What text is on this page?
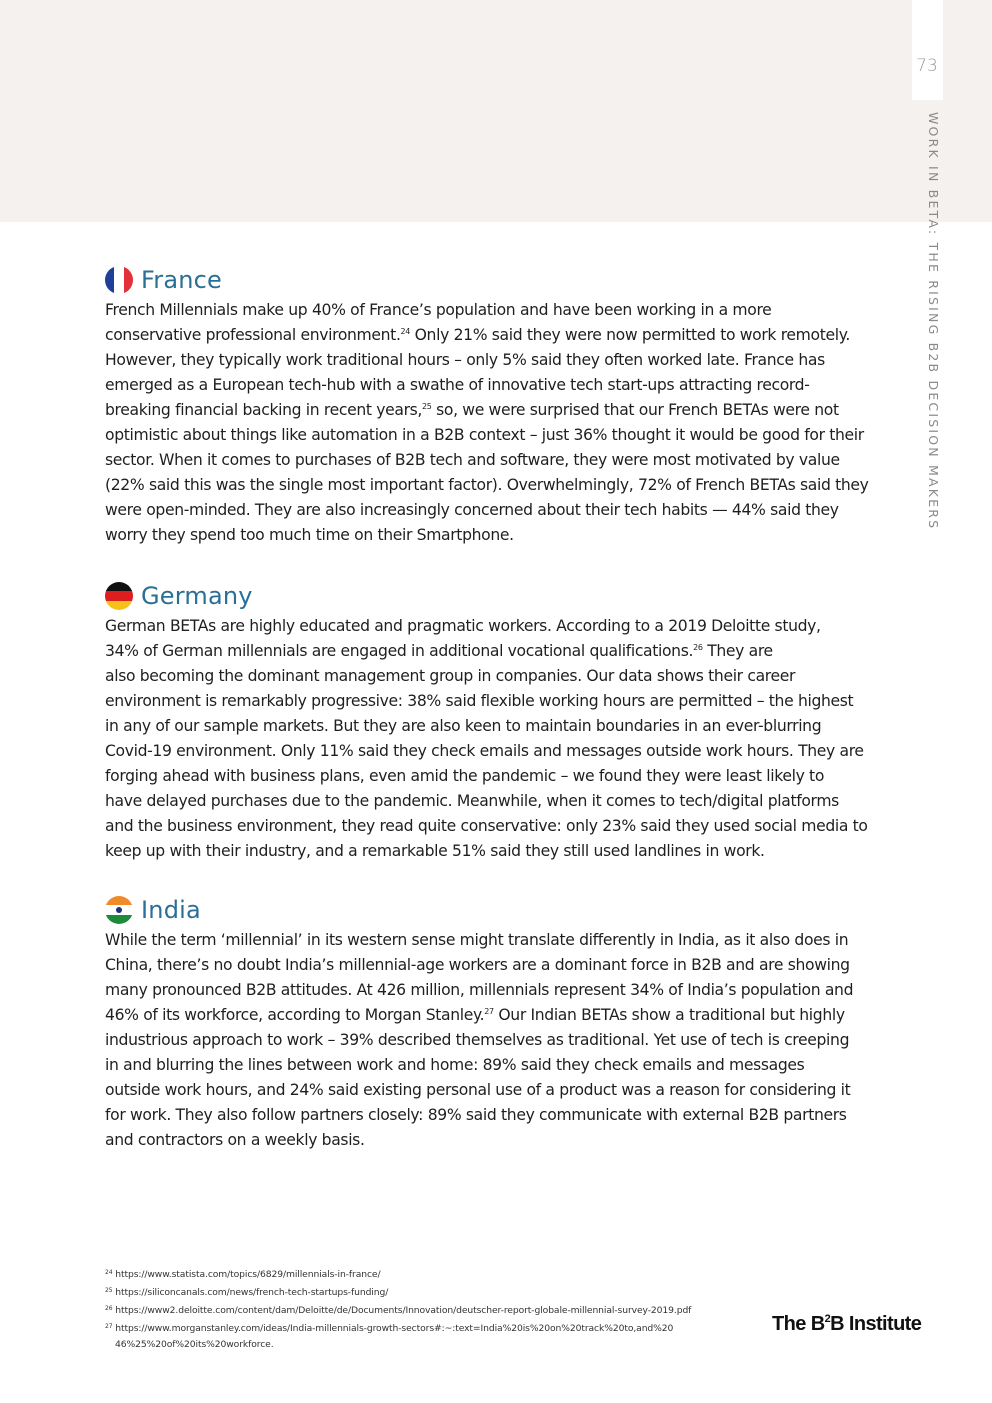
73
WORK IN BETA: THE RISING B2B DECISION MAKERS
France

French Millennials make up 40% of France’s population and have been working in a more
conservative professional environment.$^{24}$ Only 21% said they were now permitted to work remotely.
However, they typically work traditional hours – only 5% said they often worked late. France has
emerged as a European tech-hub with a swathe of innovative tech start-ups attracting record-
breaking financial backing in recent years,$^{25}$ so, we were surprised that our French BETAs were not
optimistic about things like automation in a B2B context – just 36% thought it would be good for their
sector. When it comes to purchases of B2B tech and software, they were most motivated by value
(22% said this was the single most important factor). Overwhelmingly, 72% of French BETAs said they
were open-minded. They are also increasingly concerned about their tech habits — 44% said they
worry they spend too much time on their Smartphone.

Germany

German BETAs are highly educated and pragmatic workers. According to a 2019 Deloitte study,
34% of German millennials are engaged in additional vocational qualifications.$^{26}$ They are
also becoming the dominant management group in companies. Our data shows their career
environment is remarkably progressive: 38% said flexible working hours are permitted – the highest
in any of our sample markets. But they are also keen to maintain boundaries in an ever-blurring
Covid-19 environment. Only 11% said they check emails and messages outside work hours. They are
forging ahead with business plans, even amid the pandemic – we found they were least likely to
have delayed purchases due to the pandemic. Meanwhile, when it comes to tech/digital platforms
and the business environment, they read quite conservative: only 23% said they used social media to
keep up with their industry, and a remarkable 51% said they still used landlines in work.

India

While the term ‘millennial’ in its western sense might translate differently in India, as it also does in
China, there’s no doubt India’s millennial-age workers are a dominant force in B2B and are showing
many pronounced B2B attitudes. At 426 million, millennials represent 34% of India’s population and
46% of its workforce, according to Morgan Stanley.$^{27}$ Our Indian BETAs show a traditional but highly
industrious approach to work – 39% described themselves as traditional. Yet use of tech is creeping
in and blurring the lines between work and home: 89% said they check emails and messages
outside work hours, and 24% said existing personal use of a product was a reason for considering it
for work. They also follow partners closely: 89% said they communicate with external B2B partners
and contractors on a weekly basis.

$^{24}$ https://www.statista.com/topics/6829/millennials-in-france/
$^{25}$ https://siliconcanals.com/news/french-tech-startups-funding/
$^{26}$ https://www2.deloitte.com/content/dam/Deloitte/de/Documents/Innovation/deutscher-report-globale-millennial-survey-2019.pdf
$^{27}$ https://www.morganstanley.com/ideas/India-millennials-growth-sectors#:~:text=India%20is%20on%20track%20to,and%20
46%25%20of%20its%20workforce.
The $B^2B$ Institute
